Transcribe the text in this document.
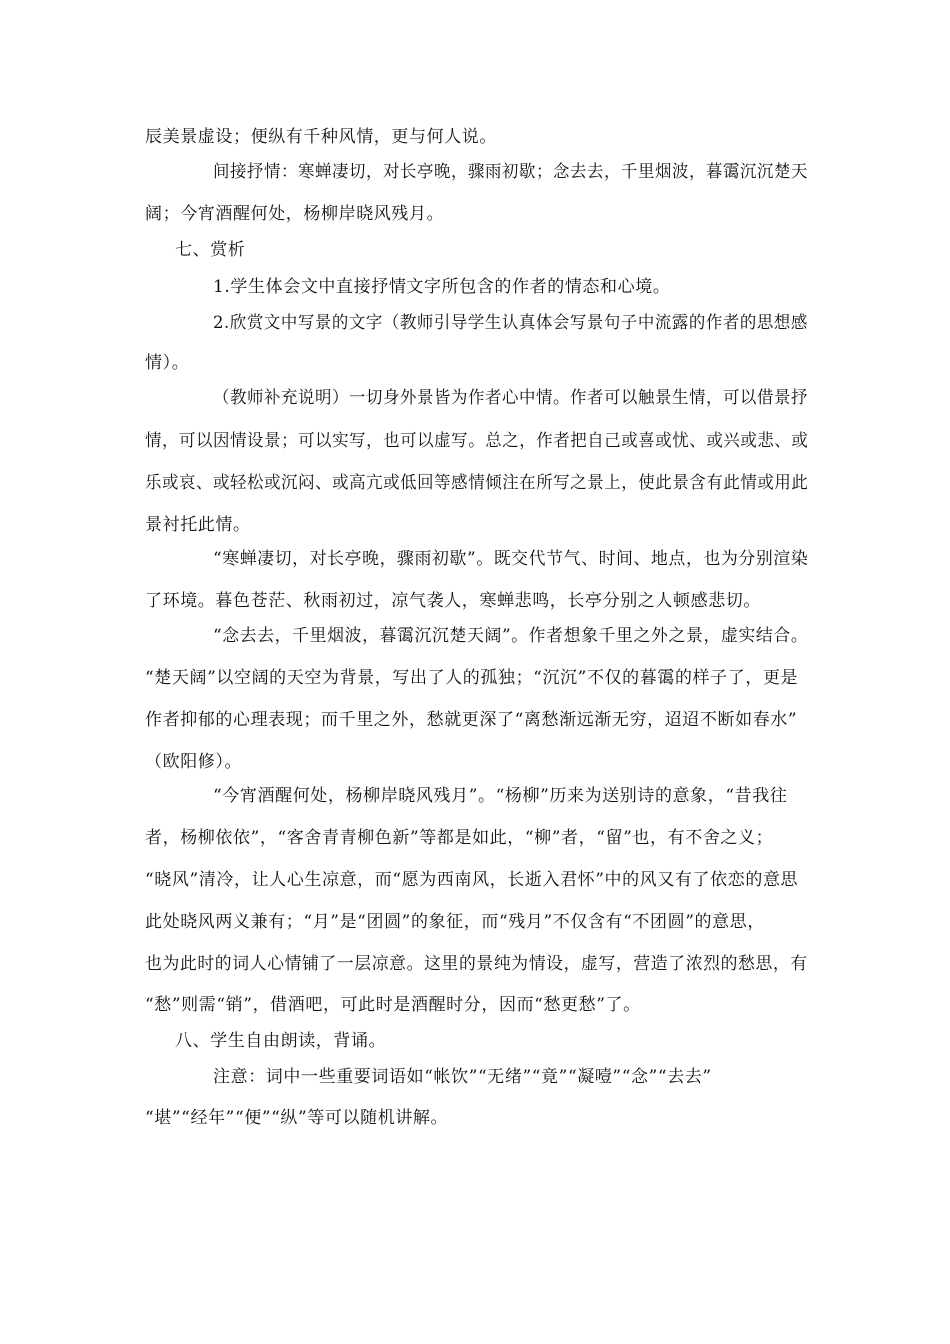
辰美景虚设；便纵有千种风情，更与何人说。
间接抒情：寒蝉凄切，对长亭晚，骤雨初歇；念去去，千里烟波，暮霭沉沉楚天
阔；今宵酒醒何处，杨柳岸晓风残月。
七、赏析
1.学生体会文中直接抒情文字所包含的作者的情态和心境。
2.欣赏文中写景的文字（教师引导学生认真体会写景句子中流露的作者的思想感
情）。
（教师补充说明）一切身外景皆为作者心中情。作者可以触景生情，可以借景抒
情，可以因情设景；可以实写，也可以虚写。总之，作者把自己或喜或忧、或兴或悲、或
乐或哀、或轻松或沉闷、或高亢或低回等感情倾注在所写之景上，使此景含有此情或用此
景衬托此情。
“寒蝉凄切，对长亭晚，骤雨初歇”。既交代节气、时间、地点，也为分别渲染
了环境。暮色苍茫、秋雨初过，凉气袭人，寒蝉悲鸣，长亭分别之人顿感悲切。
“念去去，千里烟波，暮霭沉沉楚天阔”。作者想象千里之外之景，虚实结合。
“楚天阔”以空阔的天空为背景，写出了人的孤独；“沉沉”不仅的暮霭的样子了，更是
作者抑郁的心理表现；而千里之外，愁就更深了“离愁渐远渐无穷，迢迢不断如春水”
（欧阳修）。
“今宵酒醒何处，杨柳岸晓风残月”。“杨柳”历来为送别诗的意象，“昔我往
者，杨柳依依”，“客舍青青柳色新”等都是如此，“柳”者，“留”也，有不舍之义；
“晓风”清冷，让人心生凉意，而“愿为西南风，长逝入君怀”中的风又有了依恋的意思
此处晓风两义兼有；“月”是“团圆”的象征，而“残月”不仅含有“不团圆”的意思，
也为此时的词人心情铺了一层凉意。这里的景纯为情设，虚写，营造了浓烈的愁思，有
“愁”则需“销”，借酒吧，可此时是酒醒时分，因而“愁更愁”了。
八、学生自由朗读，背诵。
注意：词中一些重要词语如“帐饮”“无绪”“竟”“凝噎”“念”“去去”
“堪”“经年”“便”“纵”等可以随机讲解。
